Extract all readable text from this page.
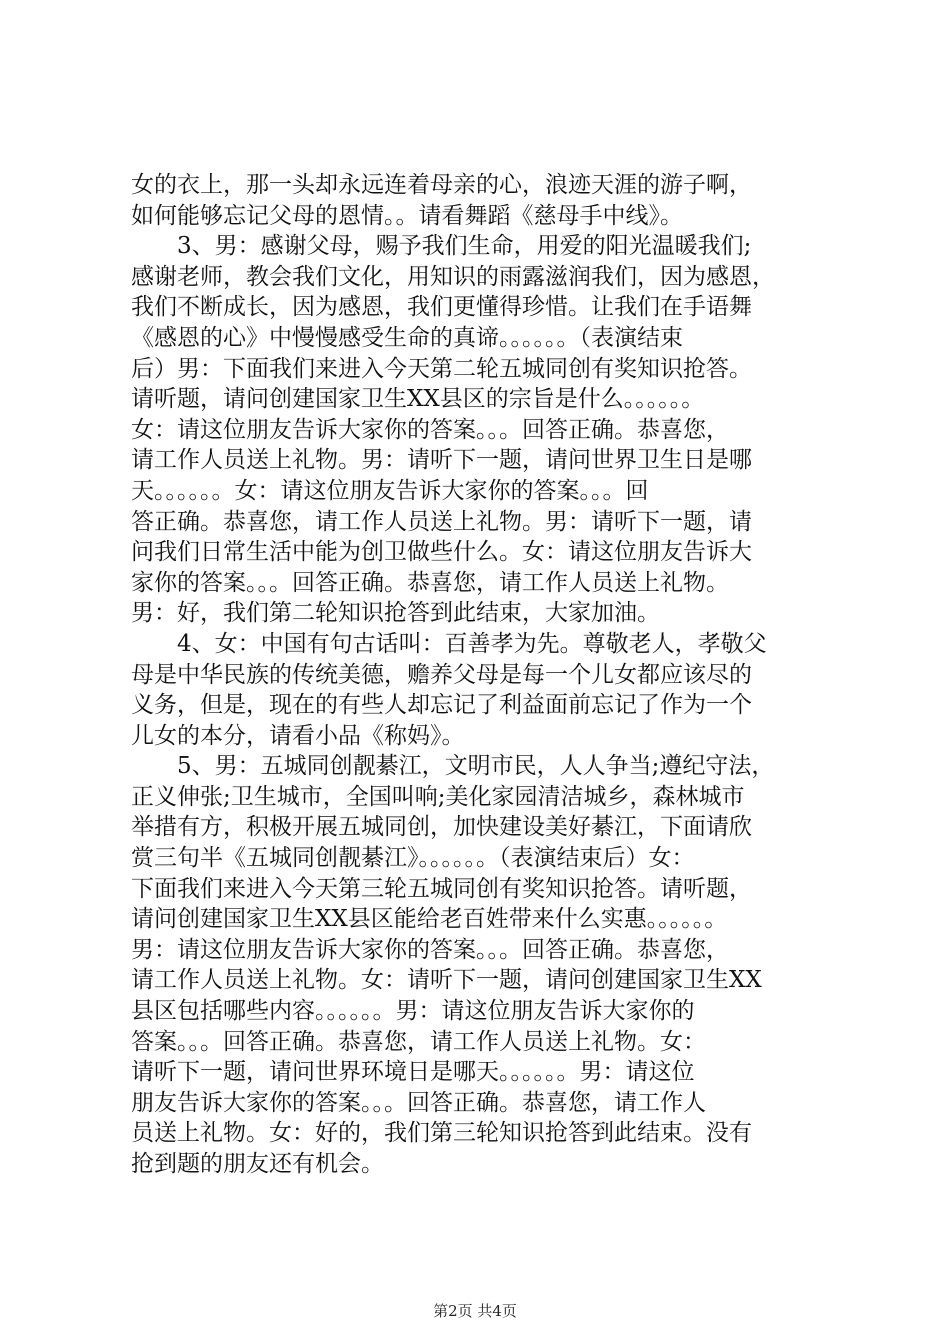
女的衣上，那一头却永远连着母亲的心，浪迹天涯的游子啊，
如何能够忘记父母的恩情。。请看舞蹈《慈母手中线》。
3、男：感谢父母，赐予我们生命，用爱的阳光温暖我们;
感谢老师，教会我们文化，用知识的雨露滋润我们，因为感恩，
我们不断成长，因为感恩，我们更懂得珍惜。让我们在手语舞
《感恩的心》中慢慢感受生命的真谛。。。。。。（表演结束
后）男：下面我们来进入今天第二轮五城同创有奖知识抢答。
请听题，请问创建国家卫生XX县区的宗旨是什么。。。。。。
女：请这位朋友告诉大家你的答案。。。回答正确。恭喜您，
请工作人员送上礼物。男：请听下一题，请问世界卫生日是哪
天。。。。。。女：请这位朋友告诉大家你的答案。。。回
答正确。恭喜您，请工作人员送上礼物。男：请听下一题，请
问我们日常生活中能为创卫做些什么。女：请这位朋友告诉大
家你的答案。。。回答正确。恭喜您，请工作人员送上礼物。
男：好，我们第二轮知识抢答到此结束，大家加油。
4、女：中国有句古话叫：百善孝为先。尊敬老人，孝敬父
母是中华民族的传统美德，赡养父母是每一个儿女都应该尽的
义务，但是，现在的有些人却忘记了利益面前忘记了作为一个
儿女的本分，请看小品《称妈》。
5、男：五城同创靓綦江，文明市民，人人争当;遵纪守法，
正义伸张;卫生城市，全国叫响;美化家园清洁城乡，森林城市
举措有方，积极开展五城同创，加快建设美好綦江，下面请欣
赏三句半《五城同创靓綦江》。。。。。。（表演结束后）女：
下面我们来进入今天第三轮五城同创有奖知识抢答。请听题，
请问创建国家卫生XX县区能给老百姓带来什么实惠。。。。。。
男：请这位朋友告诉大家你的答案。。。回答正确。恭喜您，
请工作人员送上礼物。女：请听下一题，请问创建国家卫生XX
县区包括哪些内容。。。。。。男：请这位朋友告诉大家你的
答案。。。回答正确。恭喜您，请工作人员送上礼物。女：
请听下一题，请问世界环境日是哪天。。。。。。男：请这位
朋友告诉大家你的答案。。。回答正确。恭喜您，请工作人
员送上礼物。女：好的，我们第三轮知识抢答到此结束。没有
抢到题的朋友还有机会。
第2页 共4页
